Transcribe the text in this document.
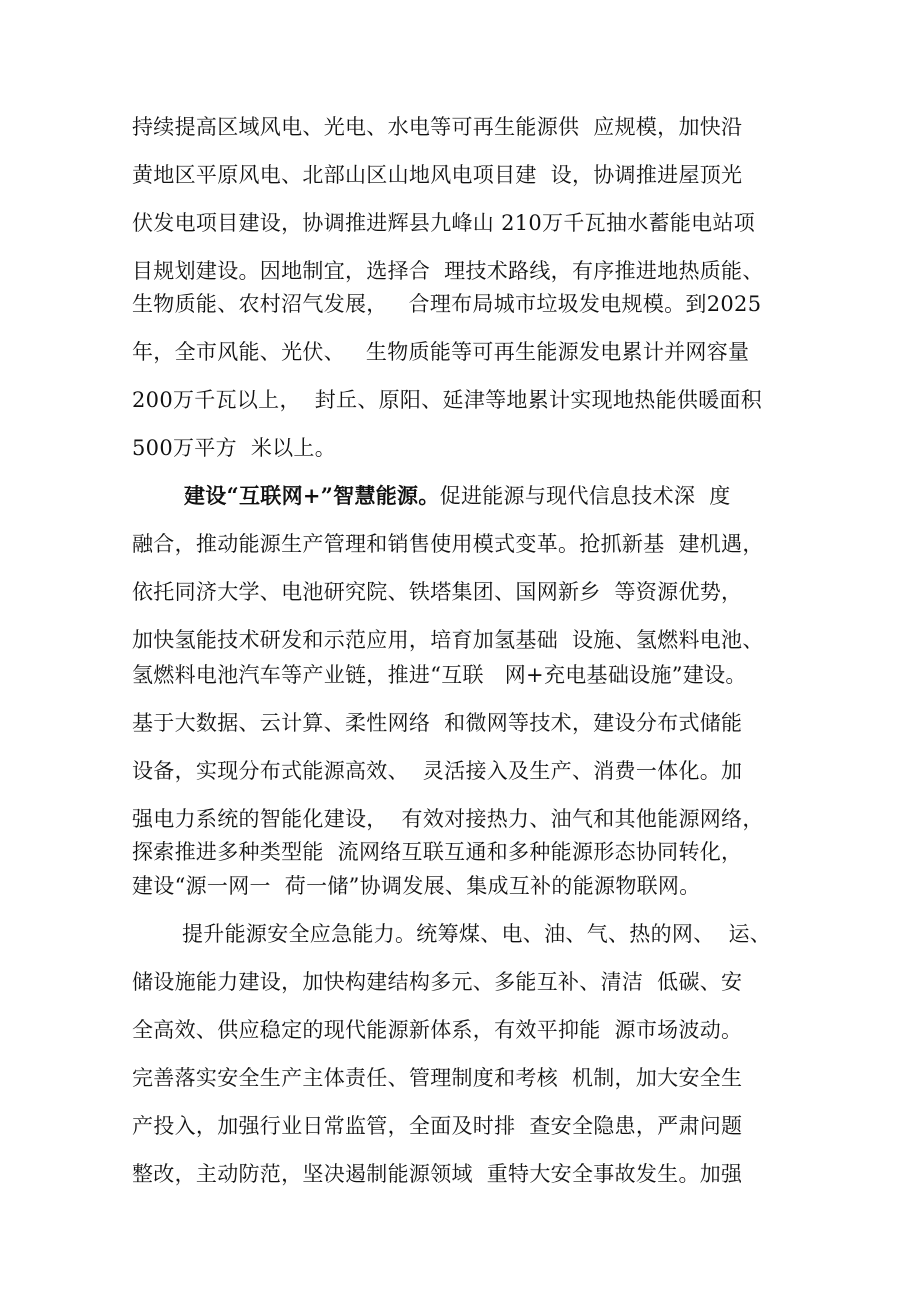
持续提高区域风电、光电、水电等可再生能源供  应规模，加快沿

黄地区平原风电、北部山区山地风电项目建  设，协调推进屋顶光

伏发电项目建设，协调推进辉县九峰山 210万千瓦抽水蓄能电站项

目规划建设。因地制宜，选择合  理技术路线，有序推进地热质能、

生物质能、农村沼气发展，   合理布局城市垃圾发电规模。到2025

年，全市风能、光伏、   生物质能等可再生能源发电累计并网容量

200万千瓦以上，  封丘、原阳、延津等地累计实现地热能供暖面积

500万平方  米以上。

建设“互联网+”智慧能源。促进能源与现代信息技术深  度

融合，推动能源生产管理和销售使用模式变革。抢抓新基  建机遇，

依托同济大学、电池研究院、铁塔集团、国网新乡  等资源优势，

加快氢能技术研发和示范应用，培育加氢基础  设施、氢燃料电池、

氢燃料电池汽车等产业链，推进“互联   网+充电基础设施”建设。

基于大数据、云计算、柔性网络  和微网等技术，建设分布式储能

设备，实现分布式能源高效、  灵活接入及生产、消费一体化。加

强电力系统的智能化建设，  有效对接热力、油气和其他能源网络，

探索推进多种类型能  流网络互联互通和多种能源形态协同转化，

建设“源一网一  荷一储”协调发展、集成互补的能源物联网。

提升能源安全应急能力。统筹煤、电、油、气、热的网、  运、

储设施能力建设，加快构建结构多元、多能互补、清洁  低碳、安

全高效、供应稳定的现代能源新体系，有效平抑能  源市场波动。

完善落实安全生产主体责任、管理制度和考核  机制，加大安全生

产投入，加强行业日常监管，全面及时排  查安全隐患，严肃问题

整改，主动防范，坚决遏制能源领域  重特大安全事故发生。加强
